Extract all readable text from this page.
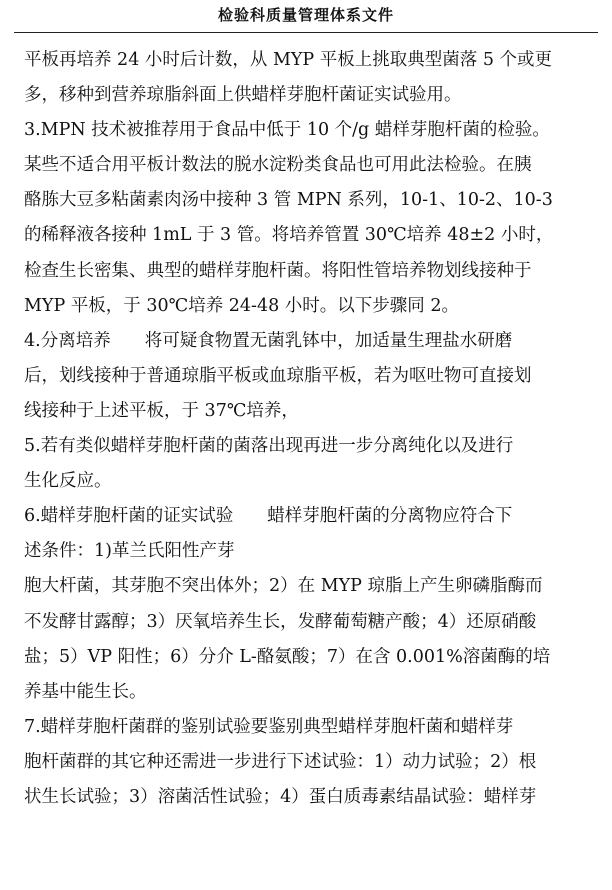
检验科质量管理体系文件
平板再培养 24 小时后计数，从 MYP 平板上挑取典型菌落 5 个或更
多，移种到营养琼脂斜面上供蜡样芽胞杆菌证实试验用。
3.MPN 技术被推荐用于食品中低于 10 个/g 蜡样芽胞杆菌的检验。
某些不适合用平板计数法的脱水淀粉类食品也可用此法检验。在胰
酪胨大豆多粘菌素肉汤中接种 3 管 MPN 系列，10-1、10-2、10-3
的稀释液各接种 1mL 于 3 管。将培养管置 30℃培养 48±2 小时，
检查生长密集、典型的蜡样芽胞杆菌。将阳性管培养物划线接种于
MYP 平板，于 30℃培养 24-48 小时。以下步骤同 2。
4.分离培养 将可疑食物置无菌乳钵中，加适量生理盐水研磨
后，划线接种于普通琼脂平板或血琼脂平板，若为呕吐物可直接划
线接种于上述平板，于 37℃培养，
5.若有类似蜡样芽胞杆菌的菌落出现再进一步分离纯化以及进行
生化反应。
6.蜡样芽胞杆菌的证实试验 蜡样芽胞杆菌的分离物应符合下
述条件：1)革兰氏阳性产芽
胞大杆菌，其芽胞不突出体外；2）在 MYP 琼脂上产生卵磷脂酶而
不发酵甘露醇；3）厌氧培养生长，发酵葡萄糖产酸；4）还原硝酸
盐；5）VP 阳性；6）分介 L-酪氨酸；7）在含 0.001%溶菌酶的培
养基中能生长。
7.蜡样芽胞杆菌群的鉴别试验要鉴别典型蜡样芽胞杆菌和蜡样芽
胞杆菌群的其它种还需进一步进行下述试验：1）动力试验；2）根
状生长试验；3）溶菌活性试验；4）蛋白质毒素结晶试验：蜡样芽
